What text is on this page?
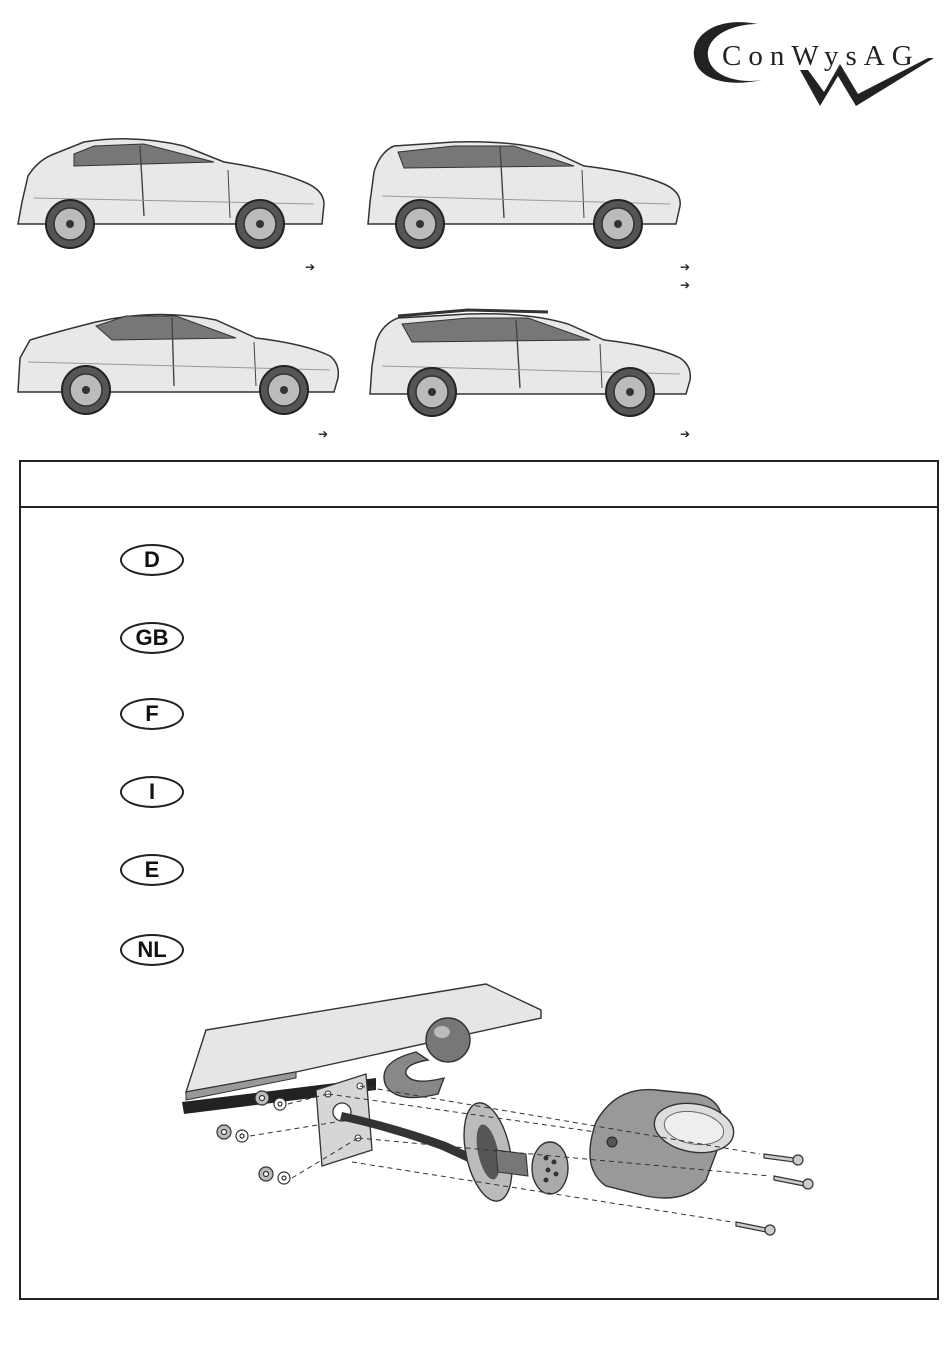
ConWysAG
➔	➔
➔
➔	➔
D
GB
F
I
E
NL
